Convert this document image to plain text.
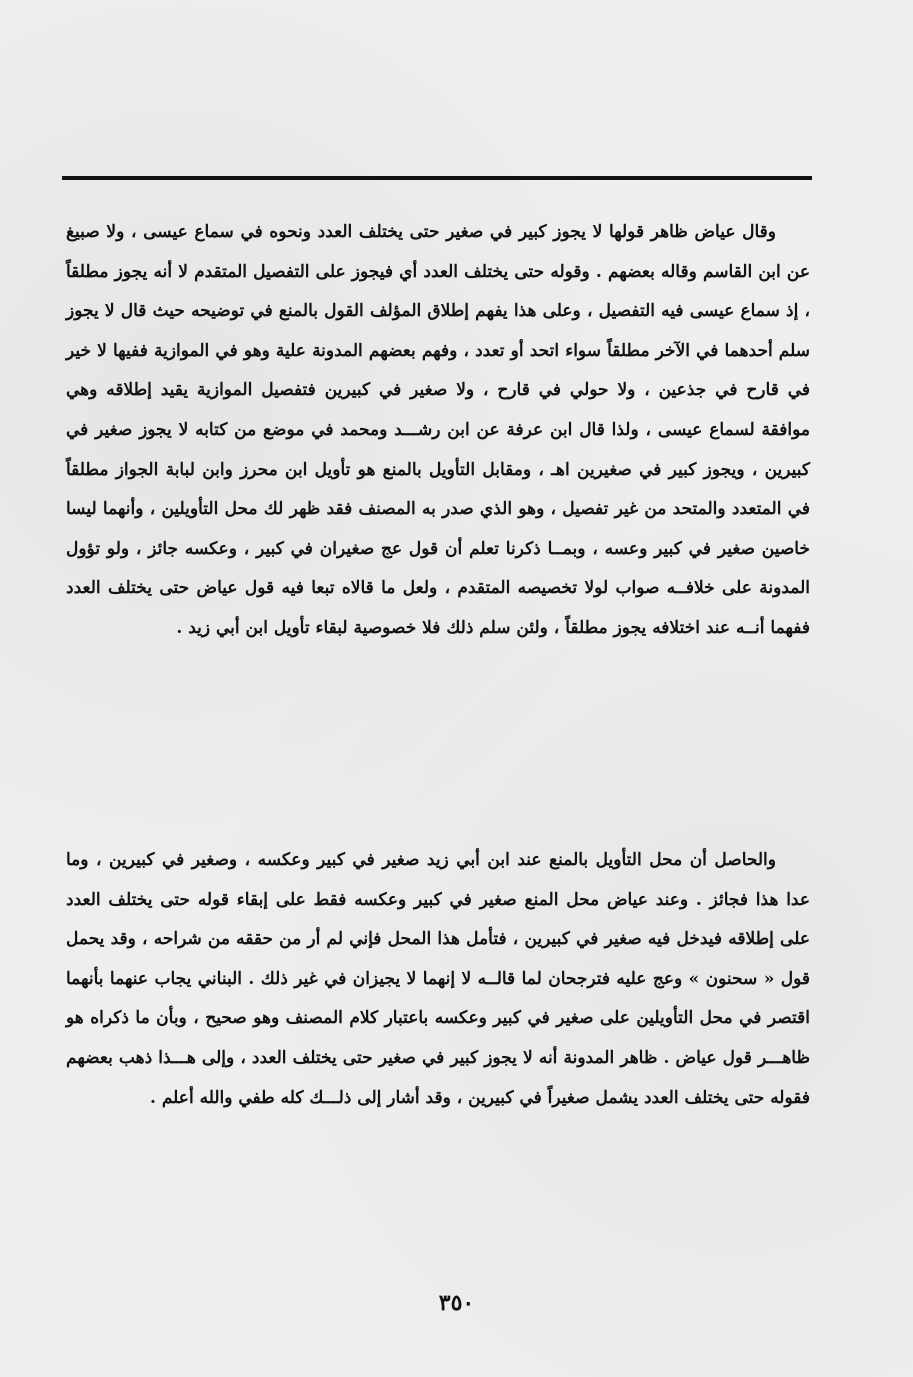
وقال عياض ظاهر قولها لا يجوز كبير في صغير حتى يختلف العدد ونحوه في سماع عيسى ، ولا صبيغ عن ابن القاسم وقاله بعضهم . وقوله حتى يختلف العدد أي فيجوز على التفصيل المتقدم لا أنه يجوز مطلقاً ، إذ سماع عيسى فيه التفصيل ، وعلى هذا يفهم إطلاق المؤلف القول بالمنع في توضيحه حيث قال لا يجوز سلم أحدهما في الآخر مطلقاً سواء اتحد أو تعدد ، وفهم بعضهم المدونة علية وهو في الموازية ففيها لا خير في قارح في جذعين ، ولا حولي في قارح ، ولا صغير في كبيرين فتفصيل الموازية يقيد إطلاقه وهي موافقة لسماع عيسى ، ولذا قال ابن عرفة عن ابن رشـــد ومحمد في موضع من كتابه لا يجوز صغير في كبيرين ، ويجوز كبير في صغيرين اهـ ، ومقابل التأويل بالمنع هو تأويل ابن محرز وابن لبابة الجواز مطلقاً في المتعدد والمتحد من غير تفصيل ، وهو الذي صدر به المصنف فقد ظهر لك محل التأويلين ، وأنهما ليسا خاصين صغير في كبير وعسه ، وبمــا ذكرنا تعلم أن قول عج صغيران في كبير ، وعكسه جائز ، ولو تؤول المدونة على خلافــه صواب لولا تخصيصه المتقدم ، ولعل ما قالاه تبعا فيه قول عياض حتى يختلف العدد ففهما أنــه عند اختلافه يجوز مطلقاً ، ولئن سلم ذلك فلا خصوصية لبقاء تأويل ابن أبي زيد .
والحاصل أن محل التأويل بالمنع عند ابن أبي زيد صغير في كبير وعكسه ، وصغير في كبيرين ، وما عدا هذا فجائز . وعند عياض محل المنع صغير في كبير وعكسه فقط على إبقاء قوله حتى يختلف العدد على إطلاقه فيدخل فيه صغير في كبيرين ، فتأمل هذا المحل فإني لم أر من حققه من شراحه ، وقد يحمل قول « سحنون » وعج عليه فترجحان لما قالــه لا إنهما لا يجيزان في غير ذلك . البناني يجاب عنهما بأنهما اقتصر في محل التأويلين على صغير في كبير وعكسه باعتبار كلام المصنف وهو صحيح ، وبأن ما ذكراه هو ظاهـــر قول عياض . ظاهر المدونة أنه لا يجوز كبير في صغير حتى يختلف العدد ، وإلى هـــذا ذهب بعضهم فقوله حتى يختلف العدد يشمل صغيراً في كبيرين ، وقد أشار إلى ذلـــك كله طفي والله أعلم .
٣٥٠
